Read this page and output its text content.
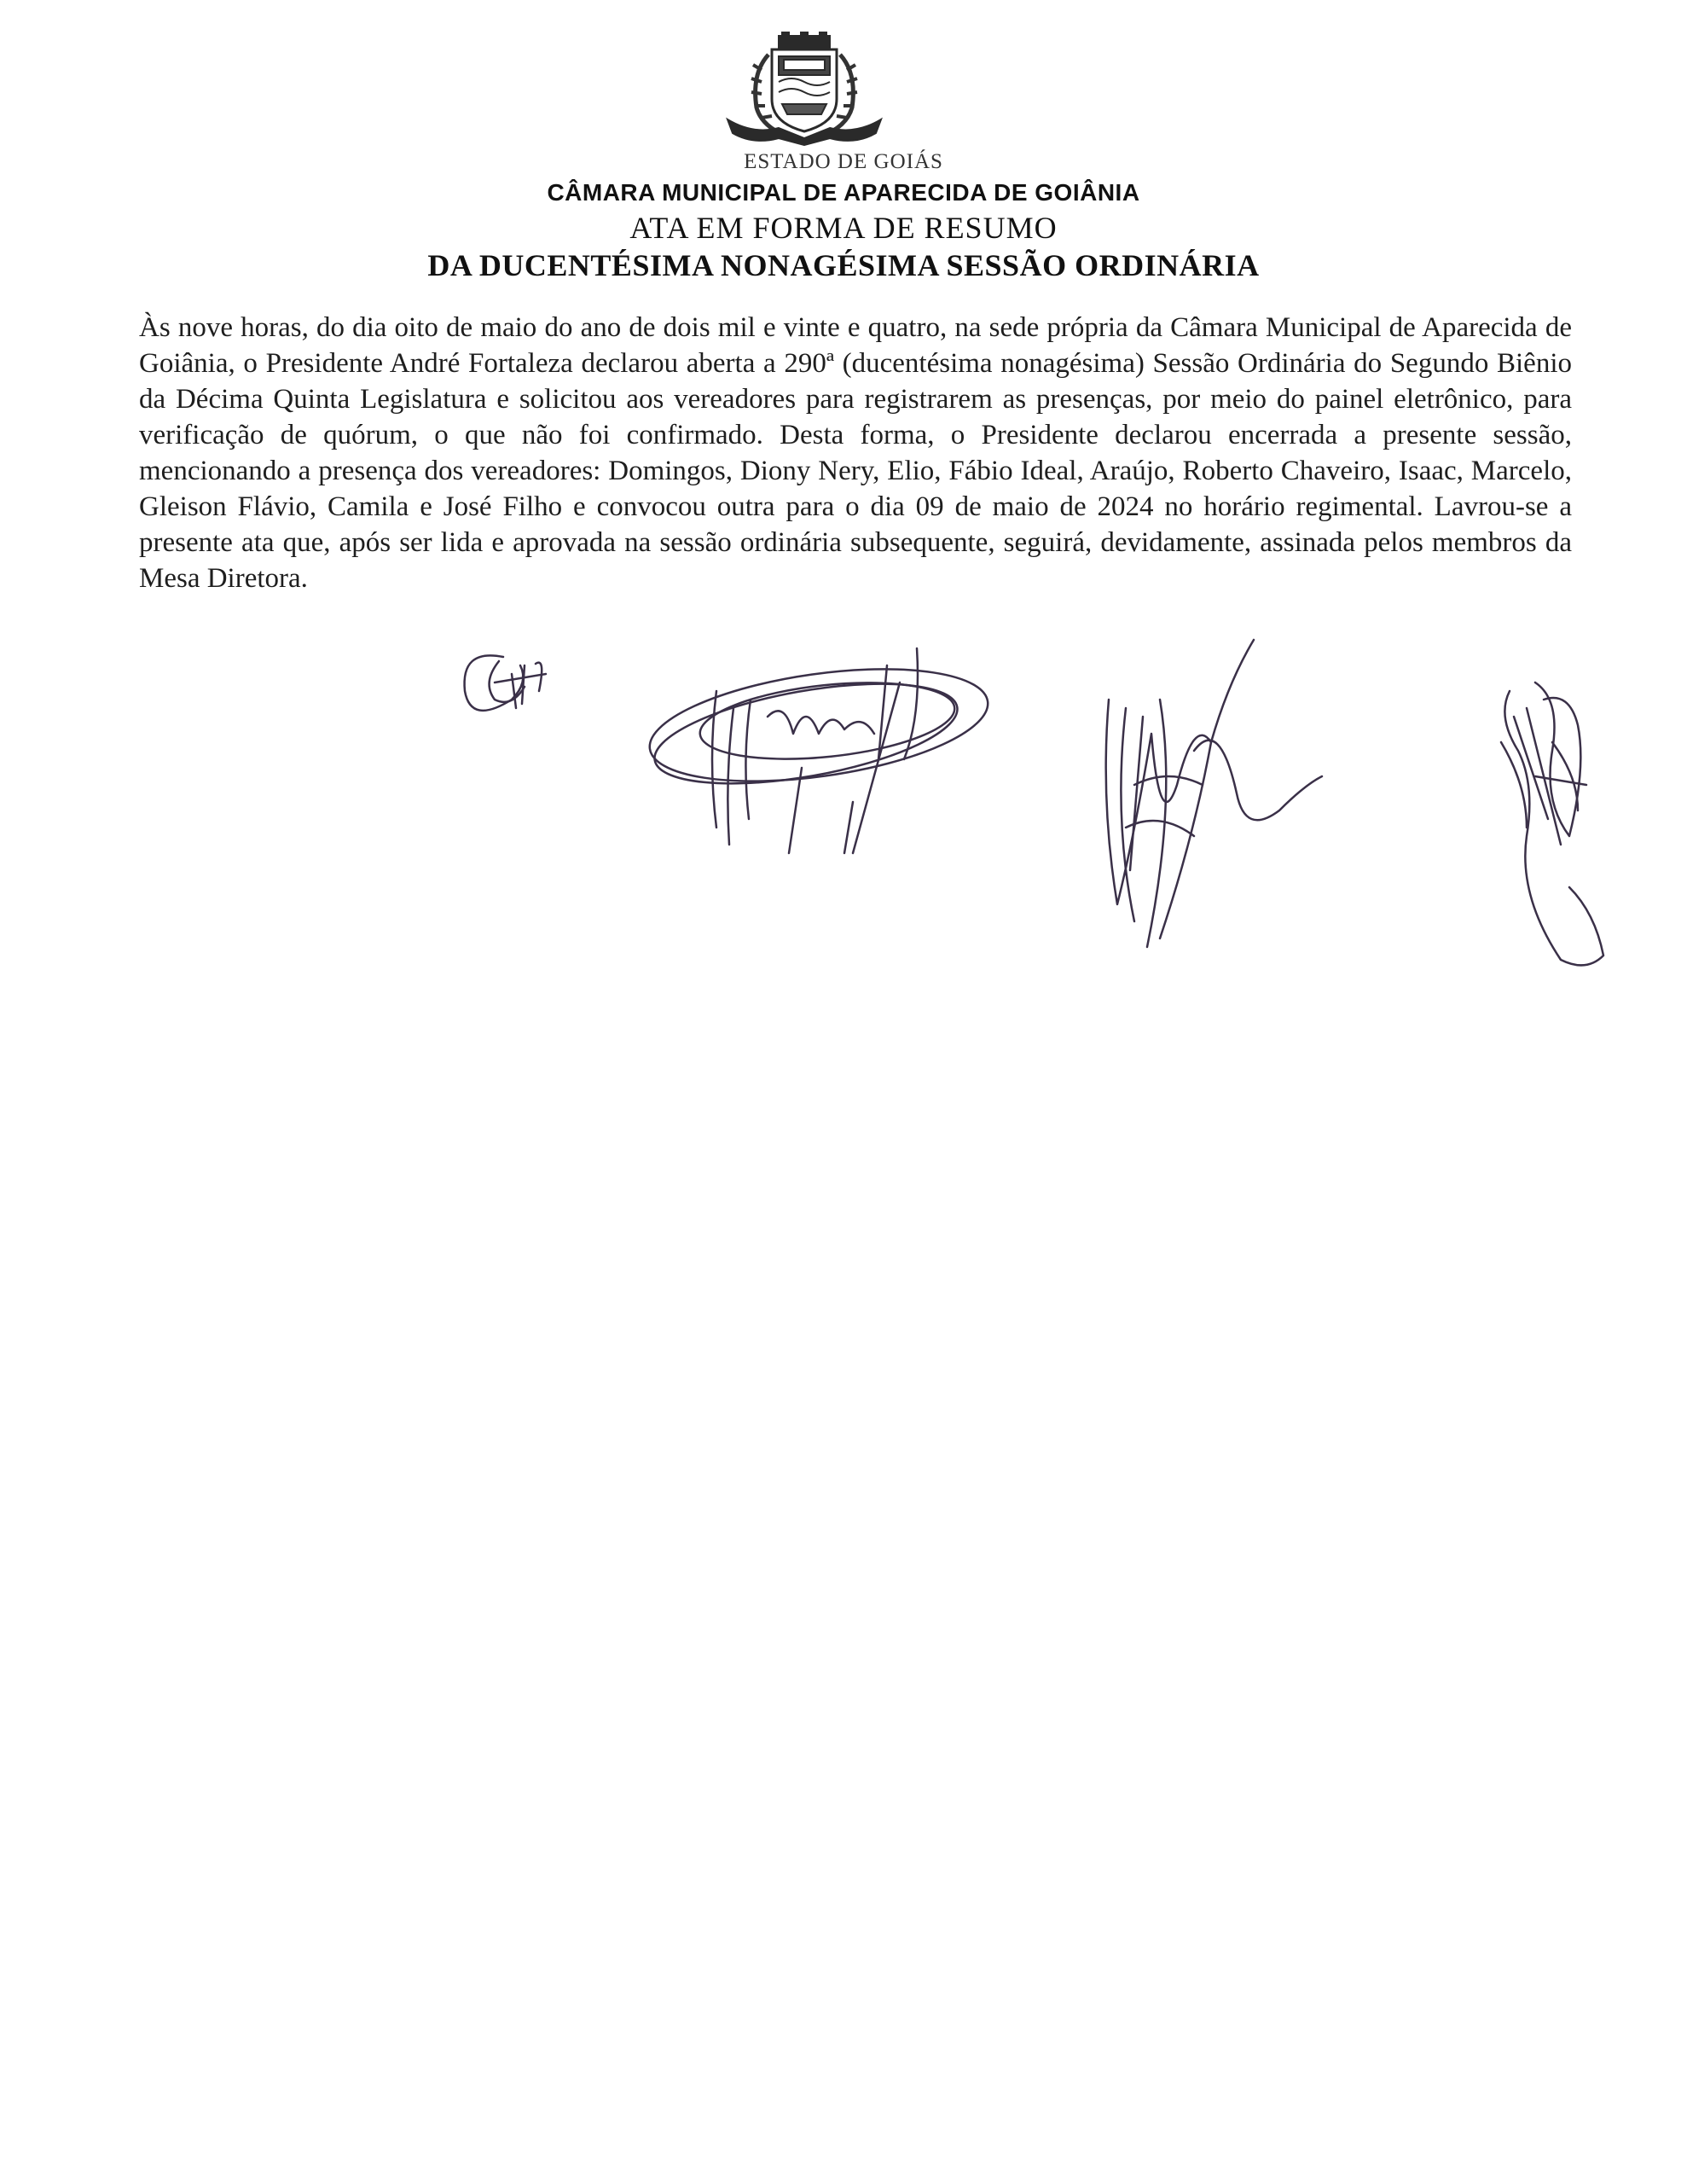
ESTADO DE GOIÁS
CÂMARA MUNICIPAL DE APARECIDA DE GOIÂNIA
ATA EM FORMA DE RESUMO
DA DUCENTÉSIMA NONAGÉSIMA SESSÃO ORDINÁRIA

Às nove horas, do dia oito de maio do ano de dois mil e vinte e quatro, na sede própria da Câmara Municipal de Aparecida de Goiânia, o Presidente André Fortaleza declarou aberta a 290ª (ducentésima nonagésima) Sessão Ordinária do Segundo Biênio da Décima Quinta Legislatura e solicitou aos vereadores para registrarem as presenças, por meio do painel eletrônico, para verificação de quórum, o que não foi confirmado. Desta forma, o Presidente declarou encerrada a presente sessão, mencionando a presença dos vereadores: Domingos, Diony Nery, Elio, Fábio Ideal, Araújo, Roberto Chaveiro, Isaac, Marcelo, Gleison Flávio, Camila e José Filho e convocou outra para o dia 09 de maio de 2024 no horário regimental. Lavrou-se a presente ata que, após ser lida e aprovada na sessão ordinária subsequente, seguirá, devidamente, assinada pelos membros da Mesa Diretora.
